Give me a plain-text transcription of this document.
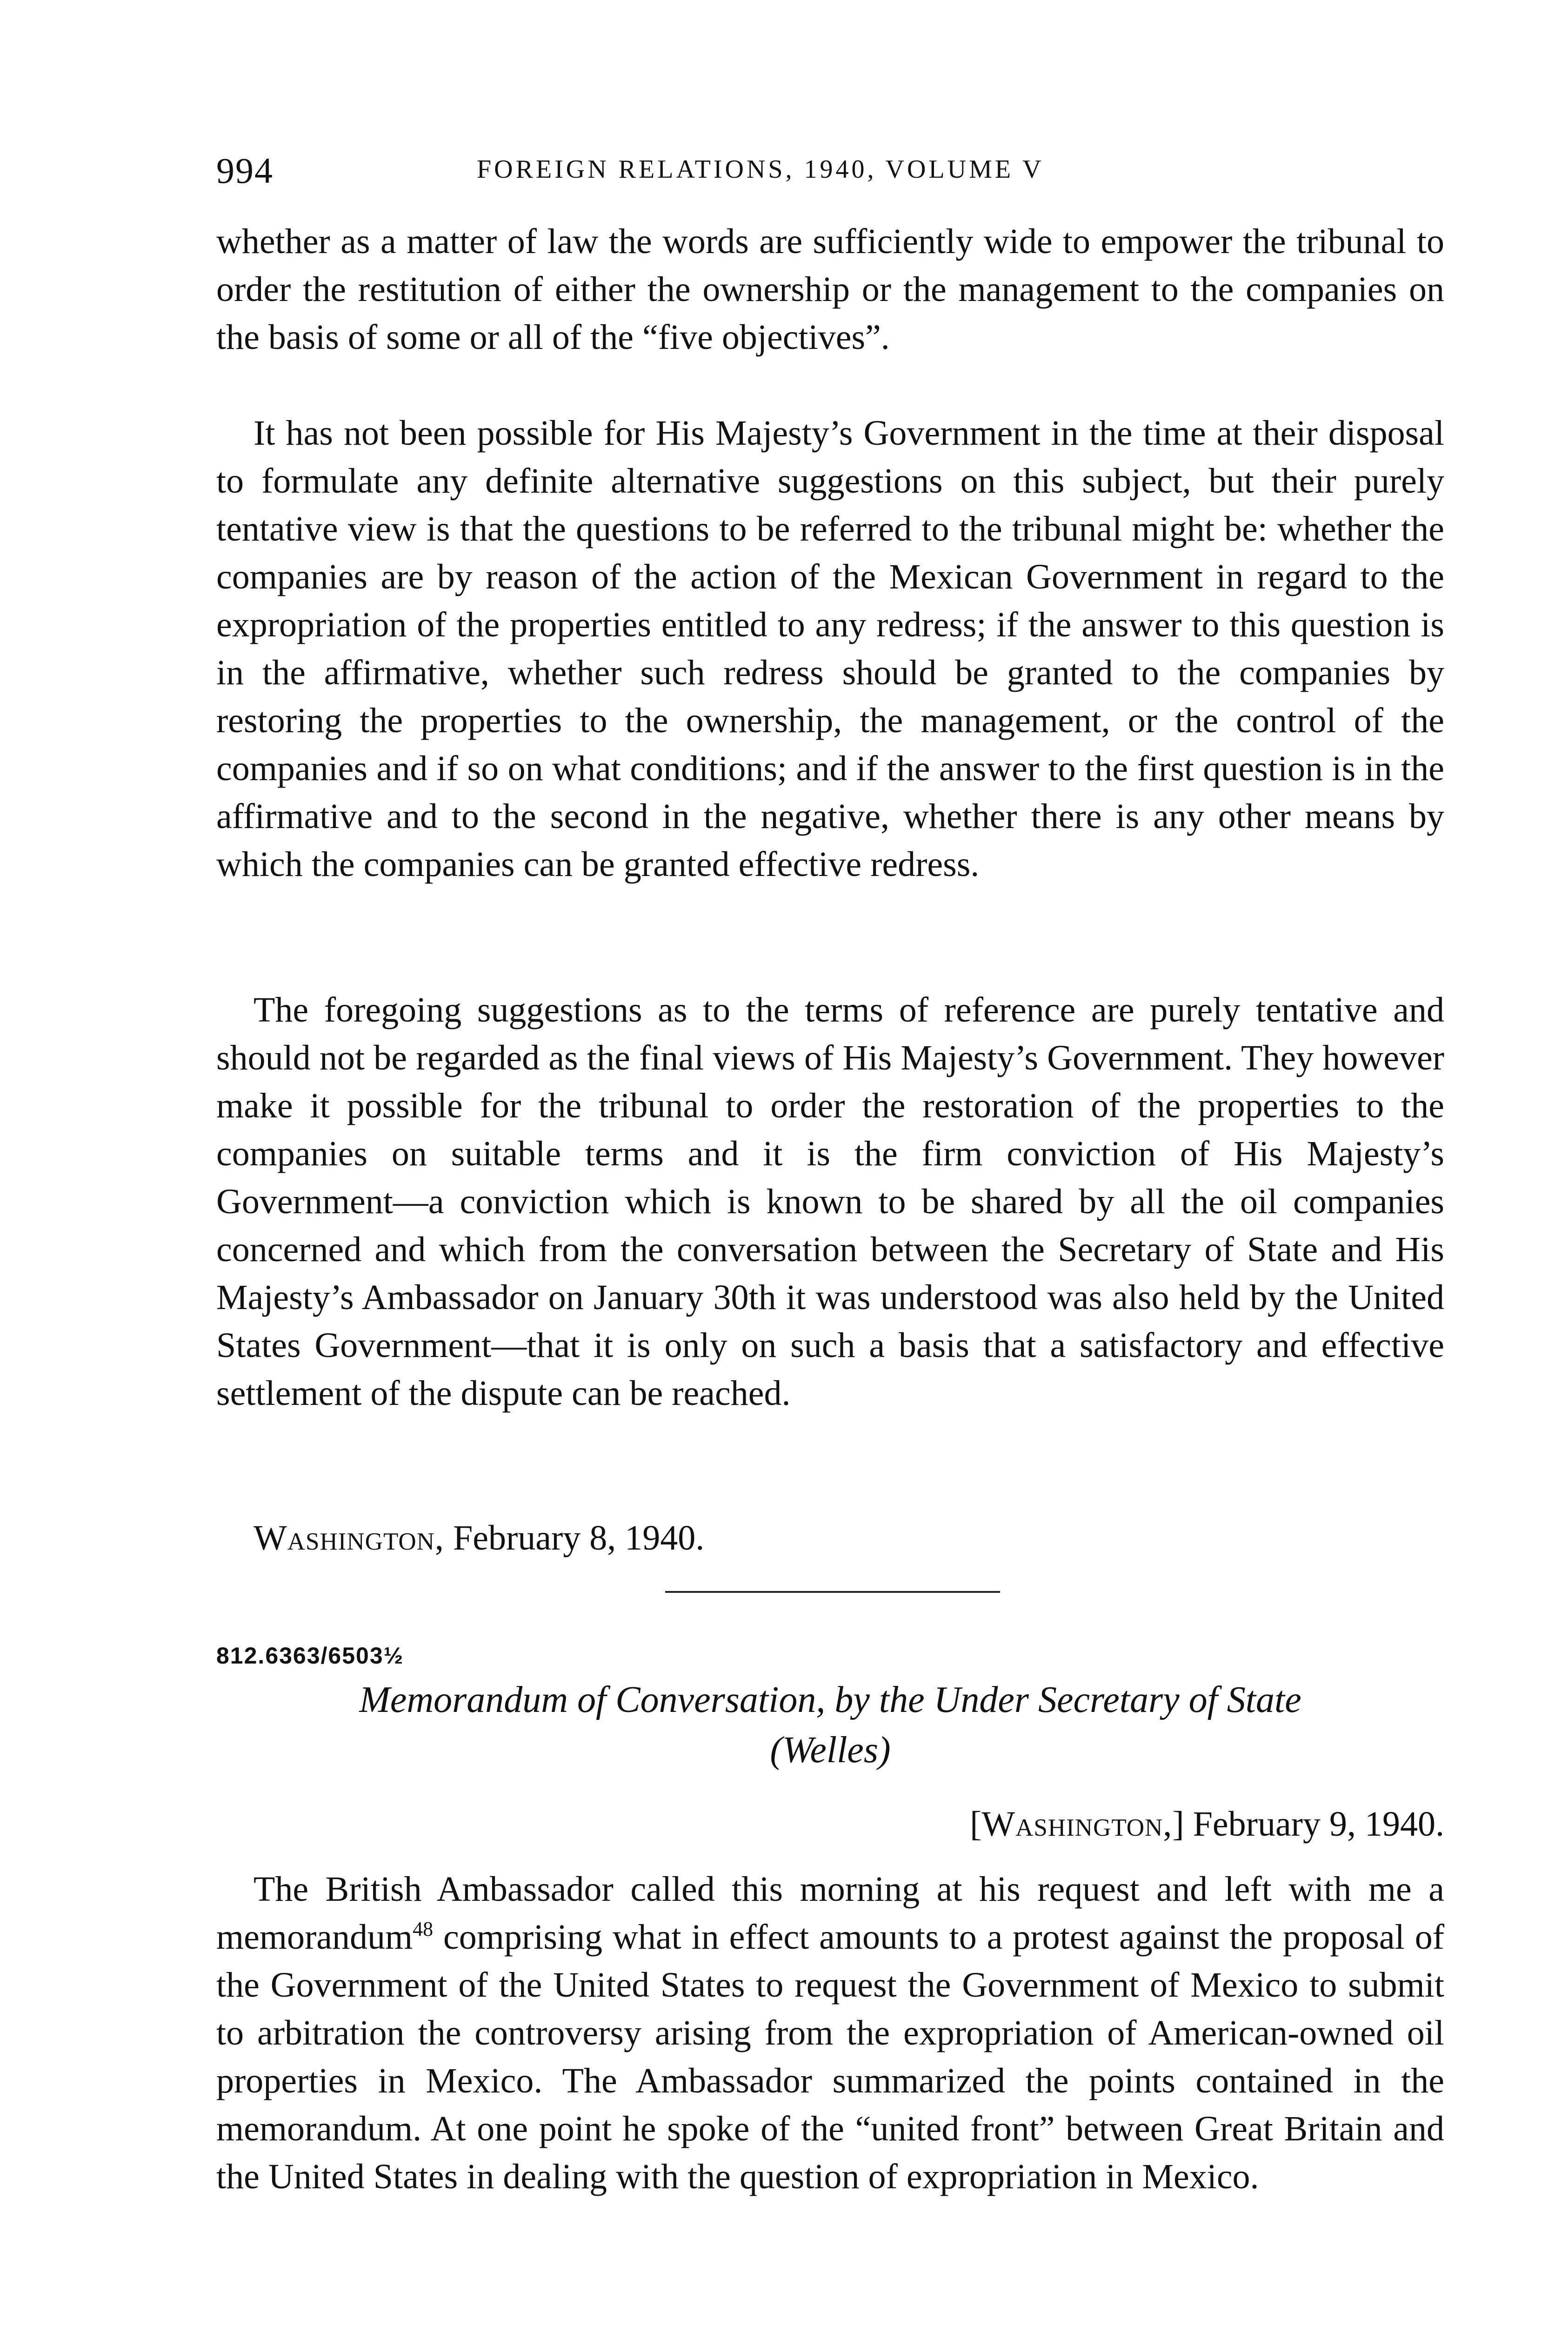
994	FOREIGN RELATIONS, 1940, VOLUME V

whether as a matter of law the words are sufficiently wide to empower the tribunal to order the restitution of either the ownership or the management to the companies on the basis of some or all of the “five objectives”.

It has not been possible for His Majesty’s Government in the time at their disposal to formulate any definite alternative suggestions on this subject, but their purely tentative view is that the questions to be referred to the tribunal might be: whether the companies are by reason of the action of the Mexican Government in regard to the expropriation of the properties entitled to any redress; if the answer to this question is in the affirmative, whether such redress should be granted to the companies by restoring the properties to the ownership, the management, or the control of the companies and if so on what conditions; and if the answer to the first question is in the affirmative and to the second in the negative, whether there is any other means by which the companies can be granted effective redress.

The foregoing suggestions as to the terms of reference are purely tentative and should not be regarded as the final views of His Majesty’s Government. They however make it possible for the tribunal to order the restoration of the properties to the companies on suitable terms and it is the firm conviction of His Majesty’s Government—a conviction which is known to be shared by all the oil companies concerned and which from the conversation between the Secretary of State and His Majesty’s Ambassador on January 30th it was understood was also held by the United States Government—that it is only on such a basis that a satisfactory and effective settlement of the dispute can be reached.

Washington, February 8, 1940.
812.6363/6503½

Memorandum of Conversation, by the Under Secretary of State
(Welles)

[Washington,] February 9, 1940.

The British Ambassador called this morning at his request and left with me a memorandum$^{48}$ comprising what in effect amounts to a protest against the proposal of the Government of the United States to request the Government of Mexico to submit to arbitration the controversy arising from the expropriation of American-owned oil properties in Mexico. The Ambassador summarized the points contained in the memorandum. At one point he spoke of the “united front” between Great Britain and the United States in dealing with the question of expropriation in Mexico.
